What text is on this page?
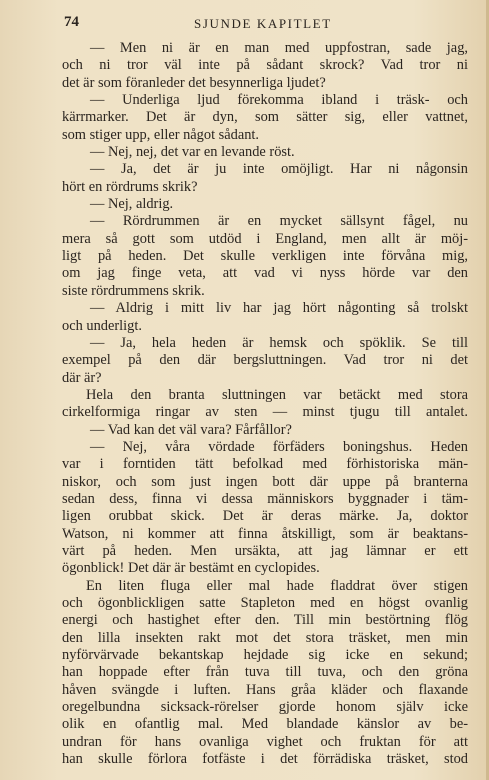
74	SJUNDE KAPITLET
— Men ni är en man med uppfostran, sade jag,
och ni tror väl inte på sådant skrock? Vad tror ni
det är som föranleder det besynnerliga ljudet?
— Underliga ljud förekomma ibland i träsk- och
kärrmarker. Det är dyn, som sätter sig, eller vattnet,
som stiger upp, eller något sådant.
— Nej, nej, det var en levande röst.
— Ja, det är ju inte omöjligt. Har ni någonsin
hört en rördrums skrik?
— Nej, aldrig.
— Rördrummen är en mycket sällsynt fågel, nu
mera så gott som utdöd i England, men allt är möj-
ligt på heden. Det skulle verkligen inte förvåna mig,
om jag finge veta, att vad vi nyss hörde var den
siste rördrummens skrik.
— Aldrig i mitt liv har jag hört någonting så trolskt
och underligt.
— Ja, hela heden är hemsk och spöklik. Se till
exempel på den där bergsluttningen. Vad tror ni det
där är?
Hela den branta sluttningen var betäckt med stora
cirkelformiga ringar av sten — minst tjugu till antalet.
— Vad kan det väl vara? Fårfållor?
— Nej, våra vördade förfäders boningshus. Heden
var i forntiden tätt befolkad med förhistoriska män-
niskor, och som just ingen bott där uppe på branterna
sedan dess, finna vi dessa människors byggnader i täm-
ligen orubbat skick. Det är deras märke. Ja, doktor
Watson, ni kommer att finna åtskilligt, som är beaktans-
värt på heden. Men ursäkta, att jag lämnar er ett
ögonblick! Det där är bestämt en cyclopides.
En liten fluga eller mal hade fladdrat över stigen
och ögonblickligen satte Stapleton med en högst ovanlig
energi och hastighet efter den. Till min bestörtning flög
den lilla insekten rakt mot det stora träsket, men min
nyförvärvade bekantskap hejdade sig icke en sekund;
han hoppade efter från tuva till tuva, och den gröna
håven svängde i luften. Hans gråa kläder och flaxande
oregelbundna sicksack-rörelser gjorde honom själv icke
olik en ofantlig mal. Med blandade känslor av be-
undran för hans ovanliga vighet och fruktan för att
han skulle förlora fotfäste i det förrädiska träsket, stod
